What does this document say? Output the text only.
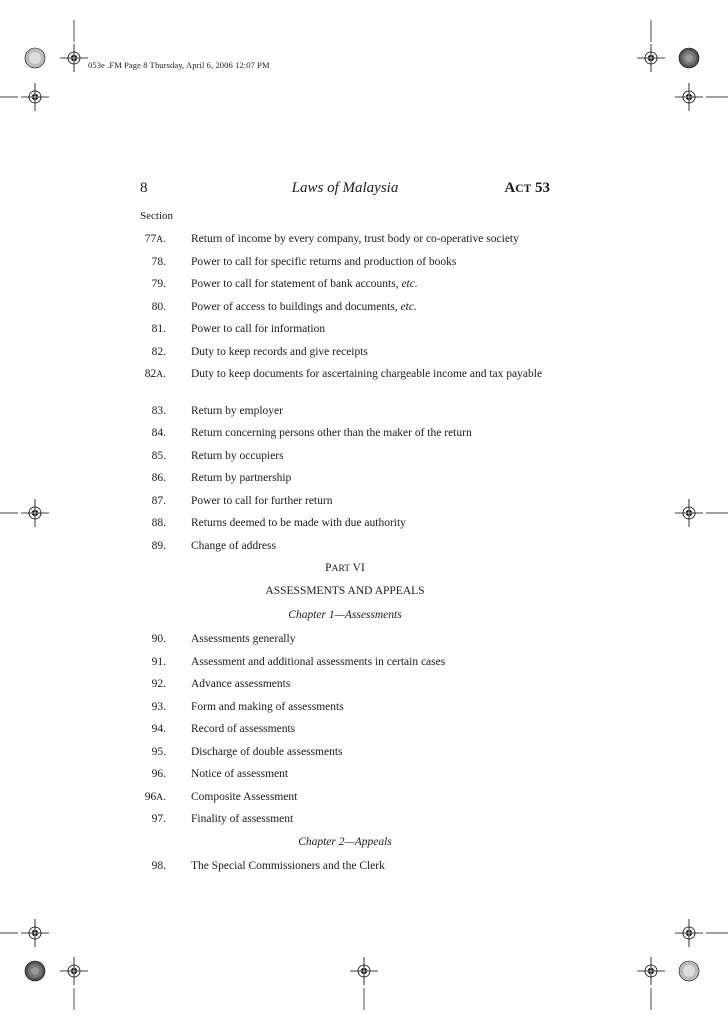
053e .FM Page 8 Thursday, April 6, 2006 12:07 PM
8	Laws of Malaysia	ACT 53
Section
77A. Return of income by every company, trust body or co-operative society
78. Power to call for specific returns and production of books
79. Power to call for statement of bank accounts, etc.
80. Power of access to buildings and documents, etc.
81. Power to call for information
82. Duty to keep records and give receipts
82A. Duty to keep documents for ascertaining chargeable income and tax payable
83. Return by employer
84. Return concerning persons other than the maker of the return
85. Return by occupiers
86. Return by partnership
87. Power to call for further return
88. Returns deemed to be made with due authority
89. Change of address
PART VI
ASSESSMENTS AND APPEALS
Chapter 1—Assessments
90. Assessments generally
91. Assessment and additional assessments in certain cases
92. Advance assessments
93. Form and making of assessments
94. Record of assessments
95. Discharge of double assessments
96. Notice of assessment
96A. Composite Assessment
97. Finality of assessment
Chapter 2—Appeals
98. The Special Commissioners and the Clerk
